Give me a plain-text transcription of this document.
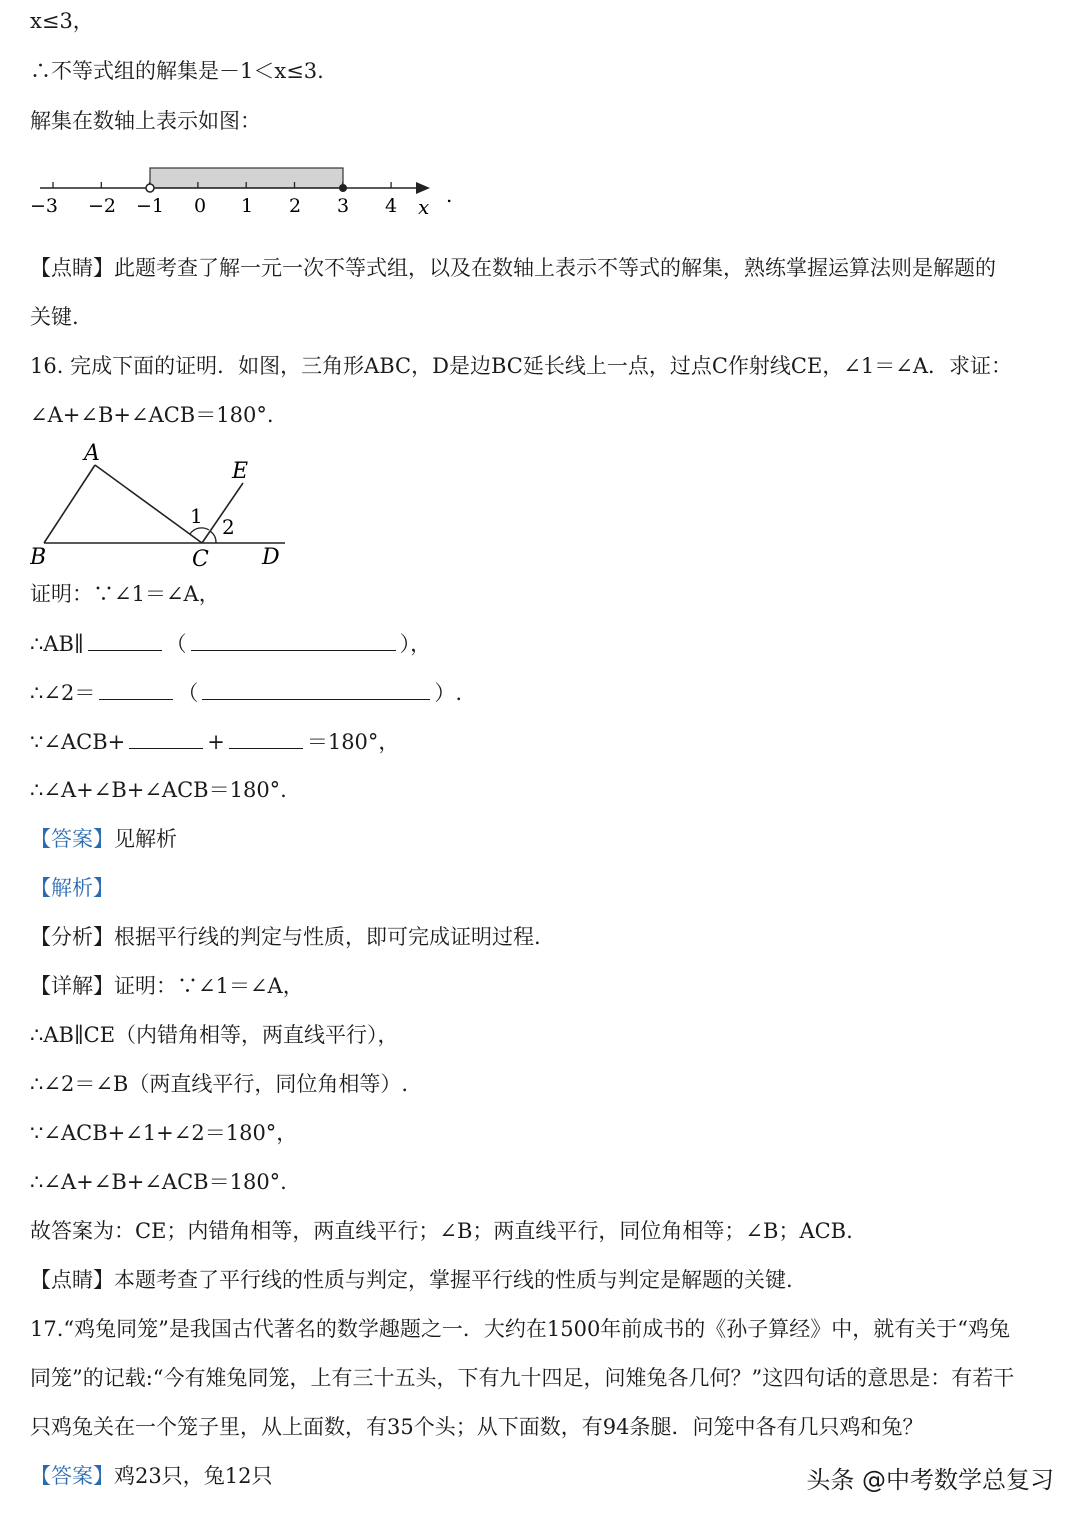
x≤3，
∴不等式组的解集是－1＜x≤3.
解集在数轴上表示如图：
−3 −2 −1 0 1 2 3 4 x .
【点睛】此题考查了解一元一次不等式组，以及在数轴上表示不等式的解集，熟练掌握运算法则是解题的
关键.
16. 完成下面的证明．如图，三角形ABC，D是边BC延长线上一点，过点C作射线CE，∠1＝∠A．求证：
∠A+∠B+∠ACB＝180°.
A
B	C D
E
1 2
证明：∵∠1＝∠A，
∴AB∥	（	），
∴∠2＝	（	）.
∵∠ACB+	+	＝180°，
∴∠A+∠B+∠ACB＝180°.
【答案】见解析
【解析】
【分析】根据平行线的判定与性质，即可完成证明过程.
【详解】证明：∵∠1＝∠A，
∴AB∥CE（内错角相等，两直线平行），
∴∠2＝∠B（两直线平行，同位角相等）.
∵∠ACB+∠1+∠2＝180°，
∴∠A+∠B+∠ACB＝180°.
故答案为：CE；内错角相等，两直线平行；∠B；两直线平行，同位角相等；∠B；ACB.
【点睛】本题考查了平行线的性质与判定，掌握平行线的性质与判定是解题的关键.
17.“鸡兔同笼”是我国古代著名的数学趣题之一．大约在1500年前成书的《孙子算经》中，就有关于“鸡兔
同笼”的记载:“今有雉兔同笼，上有三十五头，下有九十四足，问雉兔各几何？”这四句话的意思是：有若干
只鸡兔关在一个笼子里，从上面数，有35个头；从下面数，有94条腿．问笼中各有几只鸡和兔？
【答案】鸡23只，兔12只	头条 @中考数学总复习
